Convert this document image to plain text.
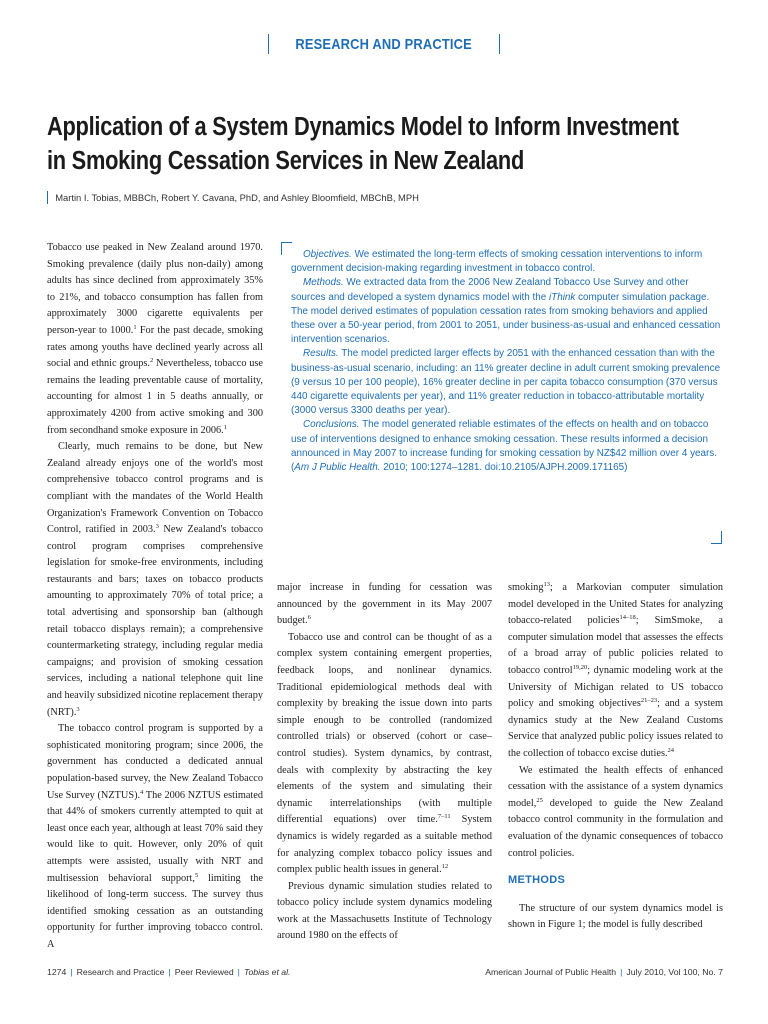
RESEARCH AND PRACTICE
Application of a System Dynamics Model to Inform Investment
in Smoking Cessation Services in New Zealand
Martin I. Tobias, MBBCh, Robert Y. Cavana, PhD, and Ashley Bloomfield, MBChB, MPH

Objectives. We estimated the long-term effects of smoking cessation interventions to inform government decision-making regarding investment in tobacco control.

Methods. We extracted data from the 2006 New Zealand Tobacco Use Survey and other sources and developed a system dynamics model with the iThink computer simulation package. The model derived estimates of population cessation rates from smoking behaviors and applied these over a 50-year period, from 2001 to 2051, under business-as-usual and enhanced cessation intervention scenarios.

Results. The model predicted larger effects by 2051 with the enhanced cessation than with the business-as-usual scenario, including: an 11% greater decline in adult current smoking prevalence (9 versus 10 per 100 people), 16% greater decline in per capita tobacco consumption (370 versus 440 cigarette equivalents per year), and 11% greater reduction in tobacco-attributable mortality (3000 versus 3300 deaths per year).

Conclusions. The model generated reliable estimates of the effects on health and on tobacco use of interventions designed to enhance smoking cessation. These results informed a decision announced in May 2007 to increase funding for smoking cessation by NZ$42 million over 4 years. (Am J Public Health. 2010; 100:1274–1281. doi:10.2105/AJPH.2009.171165)

Tobacco use peaked in New Zealand around 1970. Smoking prevalence (daily plus non-daily) among adults has since declined from approximately 35% to 21%, and tobacco consumption has fallen from approximately 3000 cigarette equivalents per person-year to 1000.$^1$ For the past decade, smoking rates among youths have declined yearly across all social and ethnic groups.$^2$ Nevertheless, tobacco use remains the leading preventable cause of mortality, accounting for almost 1 in 5 deaths annually, or approximately 4200 from active smoking and 300 from secondhand smoke exposure in 2006.$^1$

Clearly, much remains to be done, but New Zealand already enjoys one of the world's most comprehensive tobacco control programs and is compliant with the mandates of the World Health Organization's Framework Convention on Tobacco Control, ratified in 2003.$^3$ New Zealand's tobacco control program comprises comprehensive legislation for smoke-free environments, including restaurants and bars; taxes on tobacco products amounting to approximately 70% of total price; a total advertising and sponsorship ban (although retail tobacco displays remain); a comprehensive countermarketing strategy, including regular media campaigns; and provision of smoking cessation services, including a national telephone quit line and heavily subsidized nicotine replacement therapy (NRT).$^3$

The tobacco control program is supported by a sophisticated monitoring program; since 2006, the government has conducted a dedicated annual population-based survey, the New Zealand Tobacco Use Survey (NZTUS).$^4$ The 2006 NZTUS estimated that 44% of smokers currently attempted to quit at least once each year, although at least 70% said they would like to quit. However, only 20% of quit attempts were assisted, usually with NRT and multisession behavioral support,$^5$ limiting the likelihood of long-term success. The survey thus identified smoking cessation as an outstanding opportunity for further improving tobacco control. A

major increase in funding for cessation was announced by the government in its May 2007 budget.$^6$

Tobacco use and control can be thought of as a complex system containing emergent properties, feedback loops, and nonlinear dynamics. Traditional epidemiological methods deal with complexity by breaking the issue down into parts simple enough to be controlled (randomized controlled trials) or observed (cohort or case–control studies). System dynamics, by contrast, deals with complexity by abstracting the key elements of the system and simulating their dynamic interrelationships (with multiple differential equations) over time.$^{7-11}$ System dynamics is widely regarded as a suitable method for analyzing complex tobacco policy issues and complex public health issues in general.$^{12}$

Previous dynamic simulation studies related to tobacco policy include system dynamics modeling work at the Massachusetts Institute of Technology around 1980 on the effects of

smoking$^{13}$; a Markovian computer simulation model developed in the United States for analyzing tobacco-related policies$^{14-18}$; SimSmoke, a computer simulation model that assesses the effects of a broad array of public policies related to tobacco control$^{19,20}$; dynamic modeling work at the University of Michigan related to US tobacco policy and smoking objectives$^{21-23}$; and a system dynamics study at the New Zealand Customs Service that analyzed public policy issues related to the collection of tobacco excise duties.$^{24}$

We estimated the health effects of enhanced cessation with the assistance of a system dynamics model,$^{25}$ developed to guide the New Zealand tobacco control community in the formulation and evaluation of the dynamic consequences of tobacco control policies.

METHODS

The structure of our system dynamics model is shown in Figure 1; the model is fully described

1274 | Research and Practice | Peer Reviewed | Tobias et al.	American Journal of Public Health | July 2010, Vol 100, No. 7
